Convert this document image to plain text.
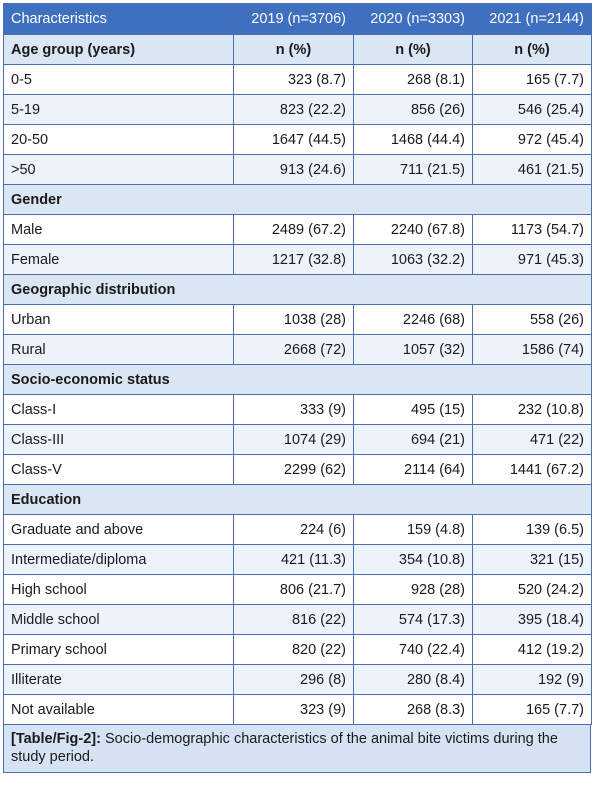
Characteristics	2019 (n=3706)	2020 (n=3303)	2021 (n=2144)
Age group (years)	n (%)	n (%)	n (%)
0-5	323 (8.7)	268 (8.1)	165 (7.7)
5-19	823 (22.2)	856 (26)	546 (25.4)
20-50	1647 (44.5)	1468 (44.4)	972 (45.4)
>50	913 (24.6)	711 (21.5)	461 (21.5)
Gender			
Male	2489 (67.2)	2240 (67.8)	1173 (54.7)
Female	1217 (32.8)	1063 (32.2)	971 (45.3)
Geographic distribution			
Urban	1038 (28)	2246 (68)	558 (26)
Rural	2668 (72)	1057 (32)	1586 (74)
Socio-economic status			
Class-I	333 (9)	495 (15)	232 (10.8)
Class-III	1074 (29)	694 (21)	471 (22)
Class-V	2299 (62)	2114 (64)	1441 (67.2)
Education			
Graduate and above	224 (6)	159 (4.8)	139 (6.5)
Intermediate/diploma	421 (11.3)	354 (10.8)	321 (15)
High school	806 (21.7)	928 (28)	520 (24.2)
Middle school	816 (22)	574 (17.3)	395 (18.4)
Primary school	820 (22)	740 (22.4)	412 (19.2)
Illiterate	296 (8)	280 (8.4)	192 (9)
Not available	323 (9)	268 (8.3)	165 (7.7)
[Table/Fig-2]: Socio-demographic characteristics of the animal bite victims during the study period.
